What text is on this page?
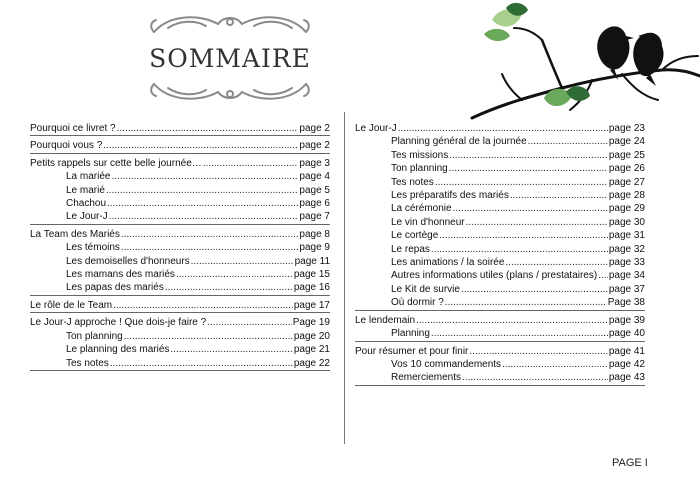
SOMMAIRE
Pourquoi ce livret ? .....	page 2
Pourquoi vous ? .....	page 2
Petits rappels sur cette belle journée… .....	page 3
La mariée .....	page 4
Le marié .....	page 5
Chachou .....	page 6
Le Jour-J .....	page 7
La Team des Mariés .....	page 8
Les témoins .....	page 9
Les demoiselles d'honneurs .....	page 11
Les mamans des mariés .....	page 15
Les papas des mariés .....	page 16
Le rôle de le Team .....	page 17
Le Jour-J approche ! Que dois-je faire ? .....	Page 19
Ton planning .....	page 20
Le planning des mariés .....	page 21
Tes notes .....	page 22
Le Jour-J .....	page 23
Planning général de la journée .....	page 24
Tes missions .....	page 25
Ton planning .....	page 26
Tes notes .....	page 27
Les préparatifs des mariés .....	page 28
La cérémonie .....	page 29
Le vin d'honneur .....	page 30
Le cortège .....	page 31
Le repas .....	page 32
Les animations / la soirée .....	page 33
Autres informations utiles (plans / prestataires) ..... page 34
Le Kit de survie .....	page 37
Où dormir ? .....	Page 38
Le lendemain .....	page 39
Planning .....	page 40
Pour résumer et pour finir .....	page 41
Vos 10 commandements .....	page 42
Remerciements .....	page 43
PAGE I
